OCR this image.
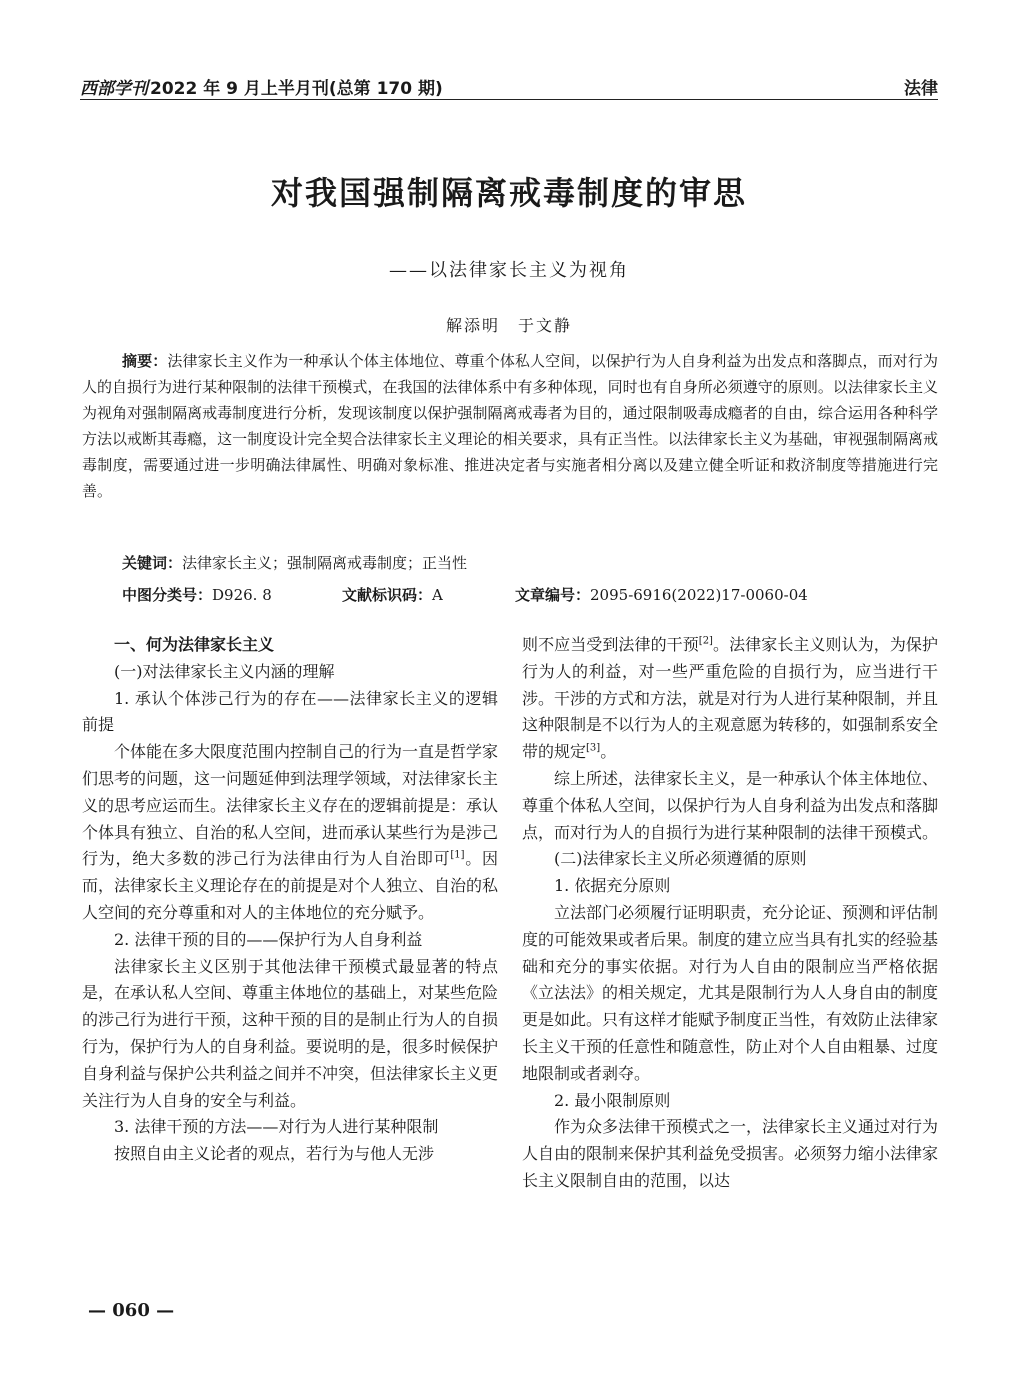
西部学刊 2022 年 9 月上半月刊(总第 170 期)	法律
对我国强制隔离戒毒制度的审思
——以法律家长主义为视角
解添明　于文静
摘要：法律家长主义作为一种承认个体主体地位、尊重个体私人空间，以保护行为人自身利益为出发点和落脚点，而对行为人的自损行为进行某种限制的法律干预模式，在我国的法律体系中有多种体现，同时也有自身所必须遵守的原则。以法律家长主义为视角对强制隔离戒毒制度进行分析，发现该制度以保护强制隔离戒毒者为目的，通过限制吸毒成瘾者的自由，综合运用各种科学方法以戒断其毒瘾，这一制度设计完全契合法律家长主义理论的相关要求，具有正当性。以法律家长主义为基础，审视强制隔离戒毒制度，需要通过进一步明确法律属性、明确对象标准、推进决定者与实施者相分离以及建立健全听证和救济制度等措施进行完善。
关键词：法律家长主义；强制隔离戒毒制度；正当性
中图分类号：D926. 8	文献标识码：A	文章编号：2095-6916(2022)17-0060-04

一、何为法律家长主义

(一)对法律家长主义内涵的理解

1. 承认个体涉己行为的存在——法律家长主义的逻辑前提

个体能在多大限度范围内控制自己的行为一直是哲学家们思考的问题，这一问题延伸到法理学领域，对法律家长主义的思考应运而生。法律家长主义存在的逻辑前提是：承认个体具有独立、自治的私人空间，进而承认某些行为是涉己行为，绝大多数的涉己行为法律由行为人自治即可[1]。因而，法律家长主义理论存在的前提是对个人独立、自治的私人空间的充分尊重和对人的主体地位的充分赋予。

2. 法律干预的目的——保护行为人自身利益

法律家长主义区别于其他法律干预模式最显著的特点是，在承认私人空间、尊重主体地位的基础上，对某些危险的涉己行为进行干预，这种干预的目的是制止行为人的自损行为，保护行为人的自身利益。要说明的是，很多时候保护自身利益与保护公共利益之间并不冲突，但法律家长主义更关注行为人自身的安全与利益。

3. 法律干预的方法——对行为人进行某种限制

按照自由主义论者的观点，若行为与他人无涉

则不应当受到法律的干预[2]。法律家长主义则认为，为保护行为人的利益，对一些严重危险的自损行为，应当进行干涉。干涉的方式和方法，就是对行为人进行某种限制，并且这种限制是不以行为人的主观意愿为转移的，如强制系安全带的规定[3]。

综上所述，法律家长主义，是一种承认个体主体地位、尊重个体私人空间，以保护行为人自身利益为出发点和落脚点，而对行为人的自损行为进行某种限制的法律干预模式。

(二)法律家长主义所必须遵循的原则

1. 依据充分原则

立法部门必须履行证明职责，充分论证、预测和评估制度的可能效果或者后果。制度的建立应当具有扎实的经验基础和充分的事实依据。对行为人自由的限制应当严格依据《立法法》的相关规定，尤其是限制行为人人身自由的制度更是如此。只有这样才能赋予制度正当性，有效防止法律家长主义干预的任意性和随意性，防止对个人自由粗暴、过度地限制或者剥夺。

2. 最小限制原则

作为众多法律干预模式之一，法律家长主义通过对行为人自由的限制来保护其利益免受损害。必须努力缩小法律家长主义限制自由的范围，以达

— 060 —
